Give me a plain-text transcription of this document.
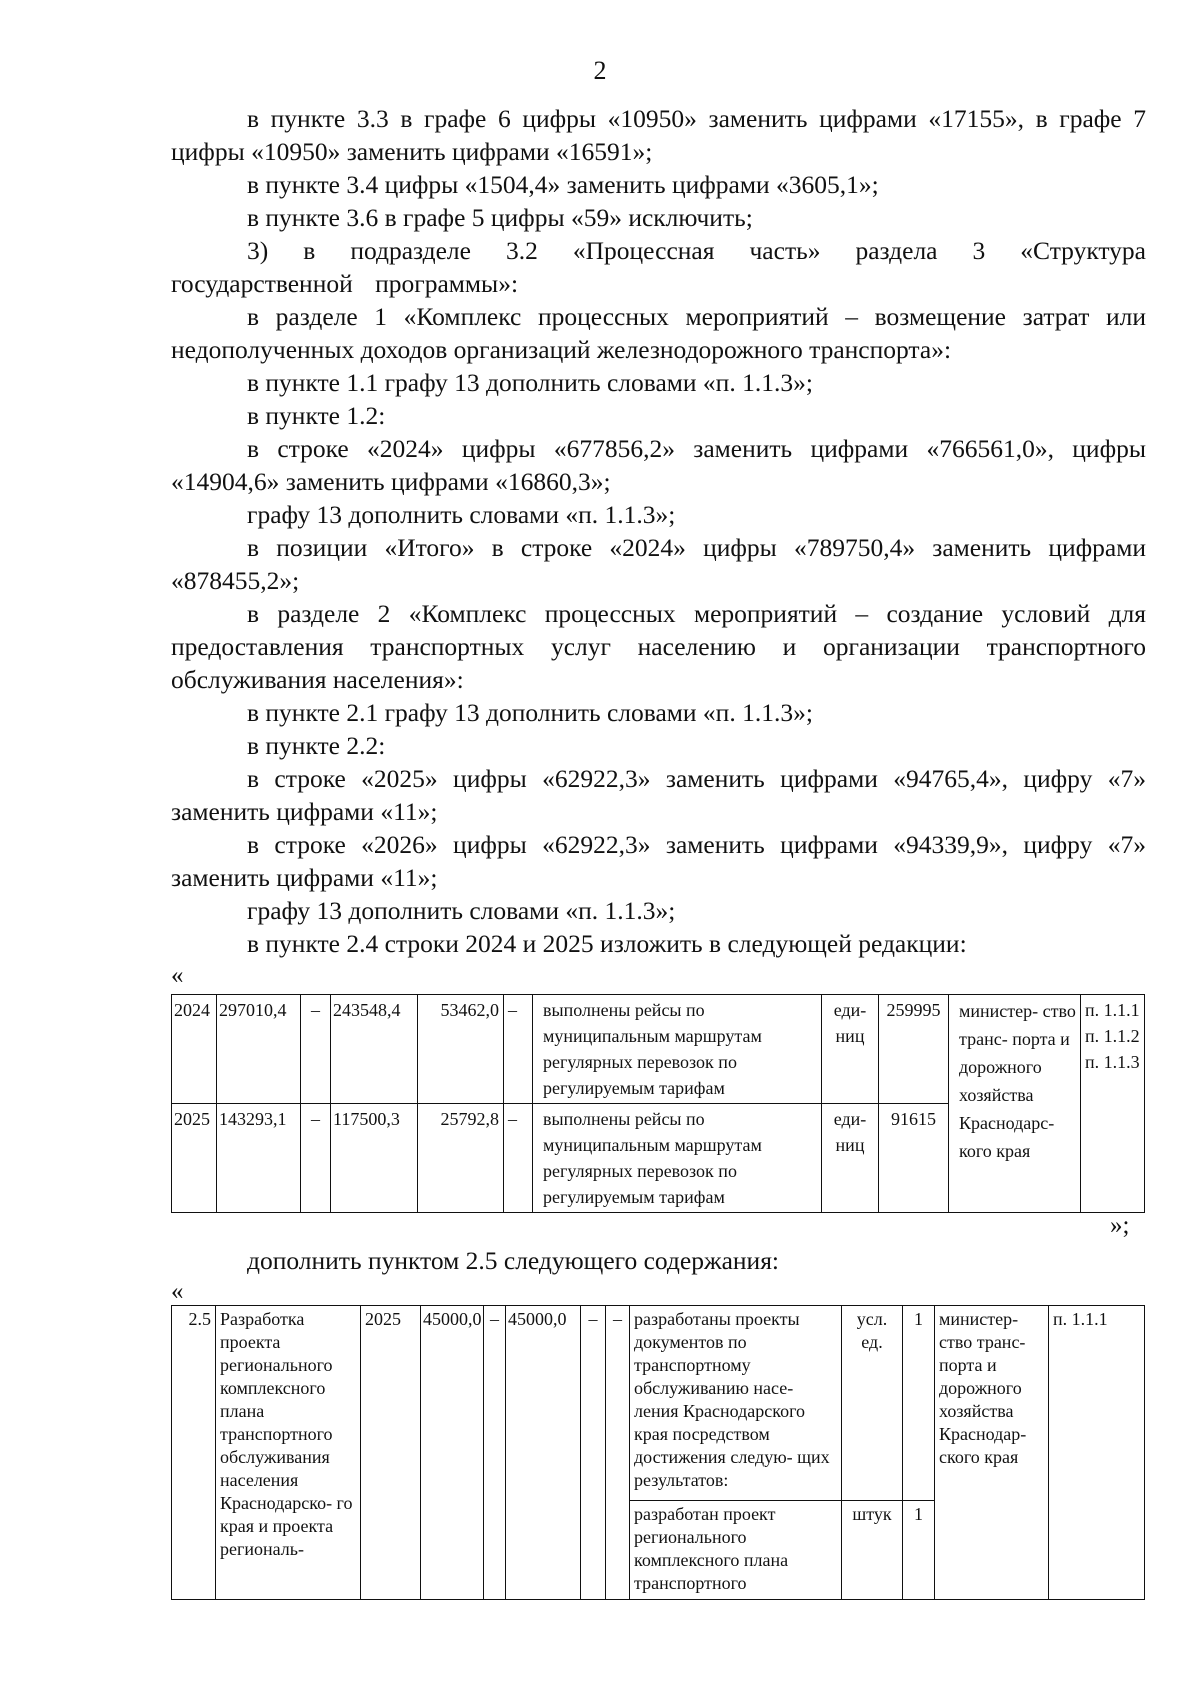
2

в пункте 3.3 в графе 6 цифры «10950» заменить цифрами «17155», в графе 7 цифры «10950» заменить цифрами «16591»;

в пункте 3.4 цифры «1504,4» заменить цифрами «3605,1»;

в пункте 3.6 в графе 5 цифры «59» исключить;

3) в подразделе 3.2 «Процессная часть» раздела 3 «Структура государственной программы»:

в разделе 1 «Комплекс процессных мероприятий – возмещение затрат или недополученных доходов организаций железнодорожного транспорта»:

в пункте 1.1 графу 13 дополнить словами «п. 1.1.3»;

в пункте 1.2:

в строке «2024» цифры «677856,2» заменить цифрами «766561,0», цифры «14904,6» заменить цифрами «16860,3»;

графу 13 дополнить словами «п. 1.1.3»;

в позиции «Итого» в строке «2024» цифры «789750,4» заменить цифрами «878455,2»;

в разделе 2 «Комплекс процессных мероприятий – создание условий для предоставления транспортных услуг населению и организации транспортного обслуживания населения»:

в пункте 2.1 графу 13 дополнить словами «п. 1.1.3»;

в пункте 2.2:

в строке «2025» цифры «62922,3» заменить цифрами «94765,4», цифру «7» заменить цифрами «11»;

в строке «2026» цифры «62922,3» заменить цифрами «94339,9», цифру «7» заменить цифрами «11»;

графу 13 дополнить словами «п. 1.1.3»;

в пункте 2.4 строки 2024 и 2025 изложить в следующей редакции:

«
2024	297010,4	–	243548,4	53462,0	–	выполнены рейсы по муниципальным маршрутам регулярных перевозок по регулируемым тарифам	еди- ниц	259995	министер- ство транс- порта и дорожного хозяйства Краснодарс- кого края	п. 1.1.1 п. 1.1.2 п. 1.1.3
2025	143293,1	–	117500,3	25792,8	–	выполнены рейсы по муниципальным маршрутам регулярных перевозок по регулируемым тарифам	еди- ниц	91615		
»;

дополнить пунктом 2.5 следующего содержания:

«
2.5	Разработка проекта регионального комплексного плана транспортного обслуживания населения Краснодарско- го края и проекта региональ-	2025	45000,0	–	45000,0	–	–	разработаны проекты документов по транспортному обслуживанию насе- ления Краснодарского края посредством достижения следую- щих результатов:	усл. ед.	1	министер- ство транс- порта и дорожного хозяйства Краснодар- ского края	п. 1.1.1
								разработан проект регионального комплексного плана транспортного	штук	1		
